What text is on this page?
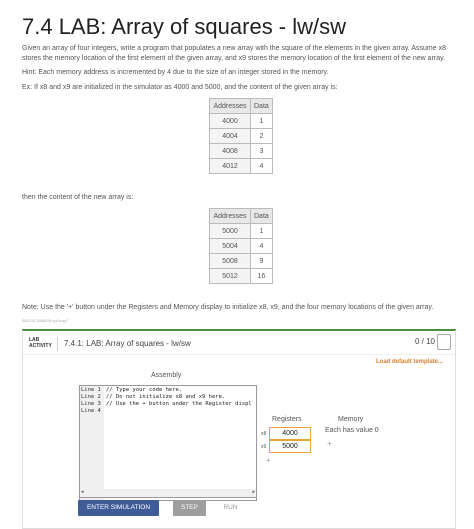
7.4 LAB: Array of squares - lw/sw
Given an array of four integers, write a program that populates a new array with the square of the elements in the given array. Assume x8 stores the memory location of the first element of the given array, and x9 stores the memory location of the first element of the new array.
Hint: Each memory address is incremented by 4 due to the size of an integer stored in the memory.
Ex: If x8 and x9 are initialized in the simulator as 4000 and 5000, and the content of the given array is:
Addresses	Data
4000	1
4004	2
4008	3
4012	4
then the content of the new array is:
Addresses	Data
5000	1
5004	4
5008	9
5012	16
Note: Use the '+' button under the Registers and Memory display to initialize x8, x9, and the four memory locations of the given array.
561212.3088040.qx3zqy7
LAB
ACTIVITY 7.4.1: LAB: Array of squares - lw/sw	0 / 10
Load default template...
Assembly
Line 1 // Type your code here.
Line 2 // Do not initialize x8 and x9 here.
Line 3 // Use the + button under the Register displ
Line 4
◂	▸
Registers	Memory
Each has value 0
+
x8	4000
x9	5000
+
ENTER SIMULATION	STEP	RUN
